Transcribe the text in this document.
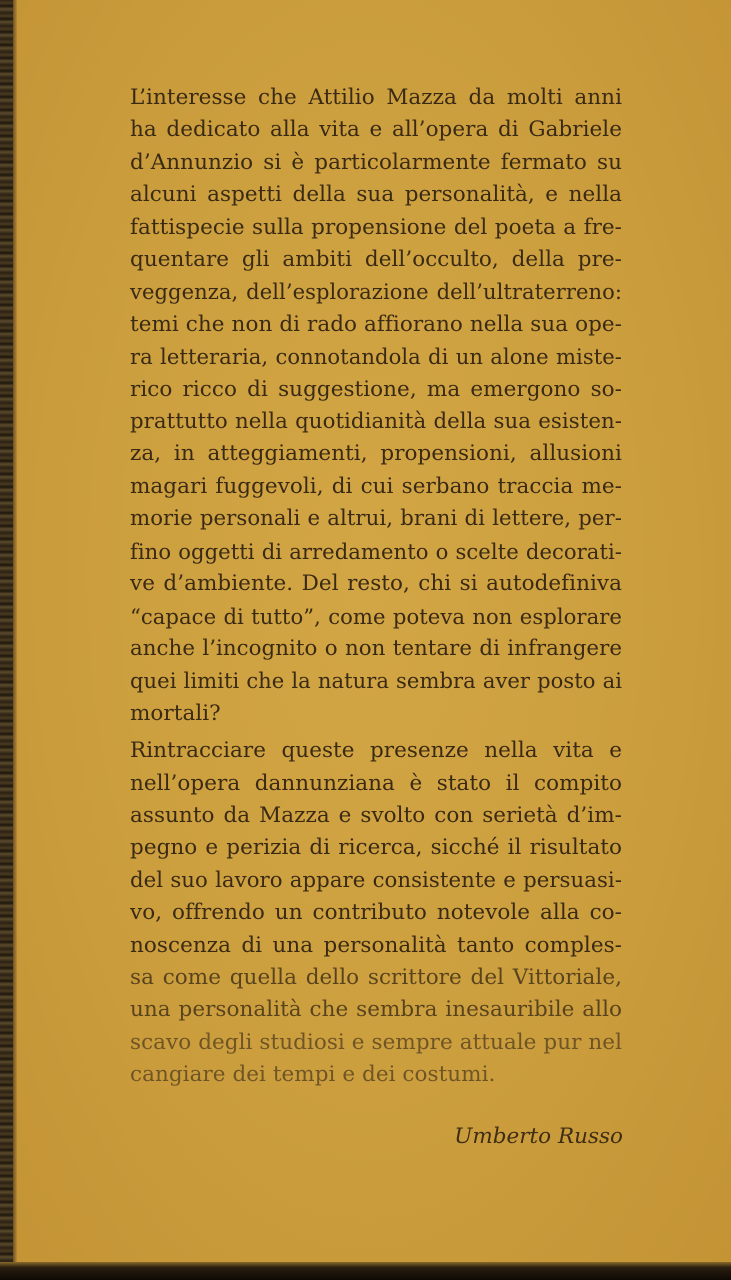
L’interesse che Attilio Mazza da molti anni
ha dedicato alla vita e all’opera di Gabriele
d’Annunzio si è particolarmente fermato su
alcuni aspetti della sua personalità, e nella
fattispecie sulla propensione del poeta a fre-
quentare gli ambiti dell’occulto, della pre-
veggenza, dell’esplorazione dell’ultraterreno:
temi che non di rado affiorano nella sua ope-
ra letteraria, connotandola di un alone miste-
rico ricco di suggestione, ma emergono so-
prattutto nella quotidianità della sua esisten-
za, in atteggiamenti, propensioni, allusioni
magari fuggevoli, di cui serbano traccia me-
morie personali e altrui, brani di lettere, per-
fino oggetti di arredamento o scelte decorati-
ve d’ambiente. Del resto, chi si autodefiniva
“capace di tutto”, come poteva non esplorare
anche l’incognito o non tentare di infrangere
quei limiti che la natura sembra aver posto ai
mortali?
Rintracciare queste presenze nella vita e
nell’opera dannunziana è stato il compito
assunto da Mazza e svolto con serietà d’im-
pegno e perizia di ricerca, sicché il risultato
del suo lavoro appare consistente e persuasi-
vo, offrendo un contributo notevole alla co-
noscenza di una personalità tanto comples-
sa come quella dello scrittore del Vittoriale,
una personalità che sembra inesauribile allo
scavo degli studiosi e sempre attuale pur nel
cangiare dei tempi e dei costumi.
Umberto Russo
